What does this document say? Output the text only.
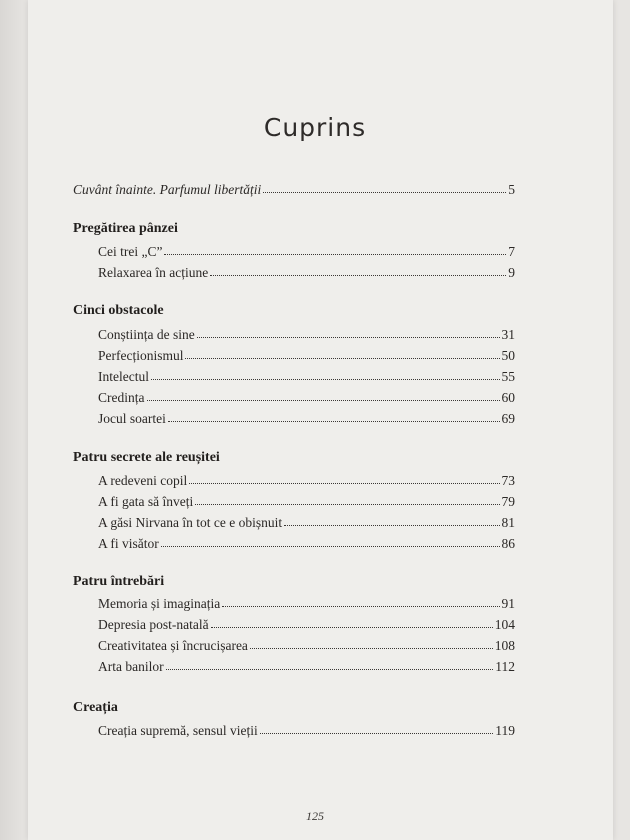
Cuprins
Cuvânt înainte. Parfumul libertății	5
Pregătirea pânzei
Cei trei „C”	7
Relaxarea în acțiune	9
Cinci obstacole
Conștiința de sine	31
Perfecționismul	50
Intelectul	55
Credința	60
Jocul soartei	69
Patru secrete ale reușitei
A redeveni copil	73
A fi gata să înveți	79
A găsi Nirvana în tot ce e obișnuit	81
A fi visător	86
Patru întrebări
Memoria și imaginația	91
Depresia post-natală	104
Creativitatea și încrucișarea	108
Arta banilor	112
Creația
Creația supremă, sensul vieții	119
125
